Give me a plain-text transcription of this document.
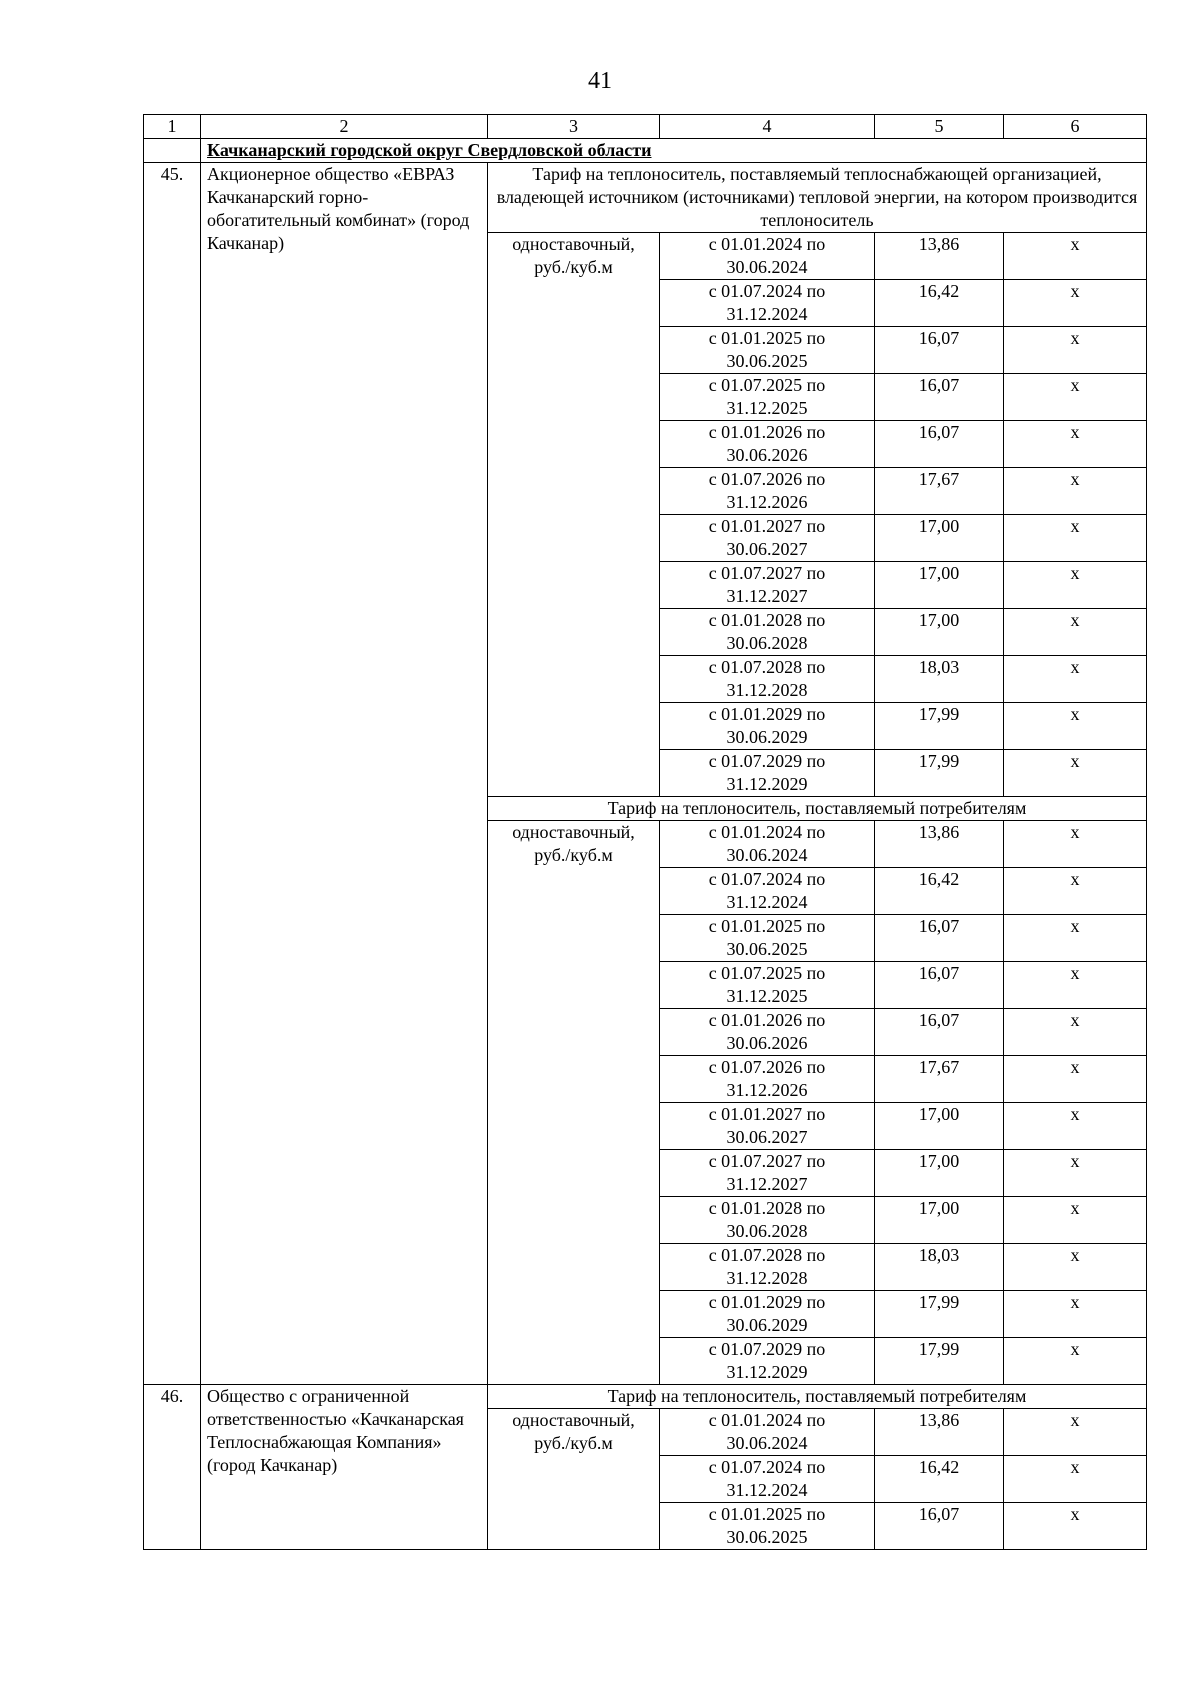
41
1	2	3	4	5	6
	Качканарский городской округ Свердловской области				
45.	Акционерное общество «ЕВРАЗ Качканарский горно-обогатительный комбинат» (город Качканар)	Тариф на теплоноситель, поставляемый теплоснабжающей организацией, владеющей источником (источниками) тепловой энергии, на котором производится теплоноситель			
		одноставочный, руб./куб.м	с 01.01.2024 по 30.06.2024	13,86	х
			с 01.07.2024 по 31.12.2024	16,42	х
			с 01.01.2025 по 30.06.2025	16,07	х
			с 01.07.2025 по 31.12.2025	16,07	х
			с 01.01.2026 по 30.06.2026	16,07	х
			с 01.07.2026 по 31.12.2026	17,67	х
			с 01.01.2027 по 30.06.2027	17,00	х
			с 01.07.2027 по 31.12.2027	17,00	х
			с 01.01.2028 по 30.06.2028	17,00	х
			с 01.07.2028 по 31.12.2028	18,03	х
			с 01.01.2029 по 30.06.2029	17,99	х
			с 01.07.2029 по 31.12.2029	17,99	х
		Тариф на теплоноситель, поставляемый потребителям			
		одноставочный, руб./куб.м	с 01.01.2024 по 30.06.2024	13,86	х
			с 01.07.2024 по 31.12.2024	16,42	х
			с 01.01.2025 по 30.06.2025	16,07	х
			с 01.07.2025 по 31.12.2025	16,07	х
			с 01.01.2026 по 30.06.2026	16,07	х
			с 01.07.2026 по 31.12.2026	17,67	х
			с 01.01.2027 по 30.06.2027	17,00	х
			с 01.07.2027 по 31.12.2027	17,00	х
			с 01.01.2028 по 30.06.2028	17,00	х
			с 01.07.2028 по 31.12.2028	18,03	х
			с 01.01.2029 по 30.06.2029	17,99	х
			с 01.07.2029 по 31.12.2029	17,99	х
46.	Общество с ограниченной ответственностью «Качканарская Теплоснабжающая Компания» (город Качканар)	Тариф на теплоноситель, поставляемый потребителям			
		одноставочный, руб./куб.м	с 01.01.2024 по 30.06.2024	13,86	х
			с 01.07.2024 по 31.12.2024	16,42	х
			с 01.01.2025 по 30.06.2025	16,07	х
